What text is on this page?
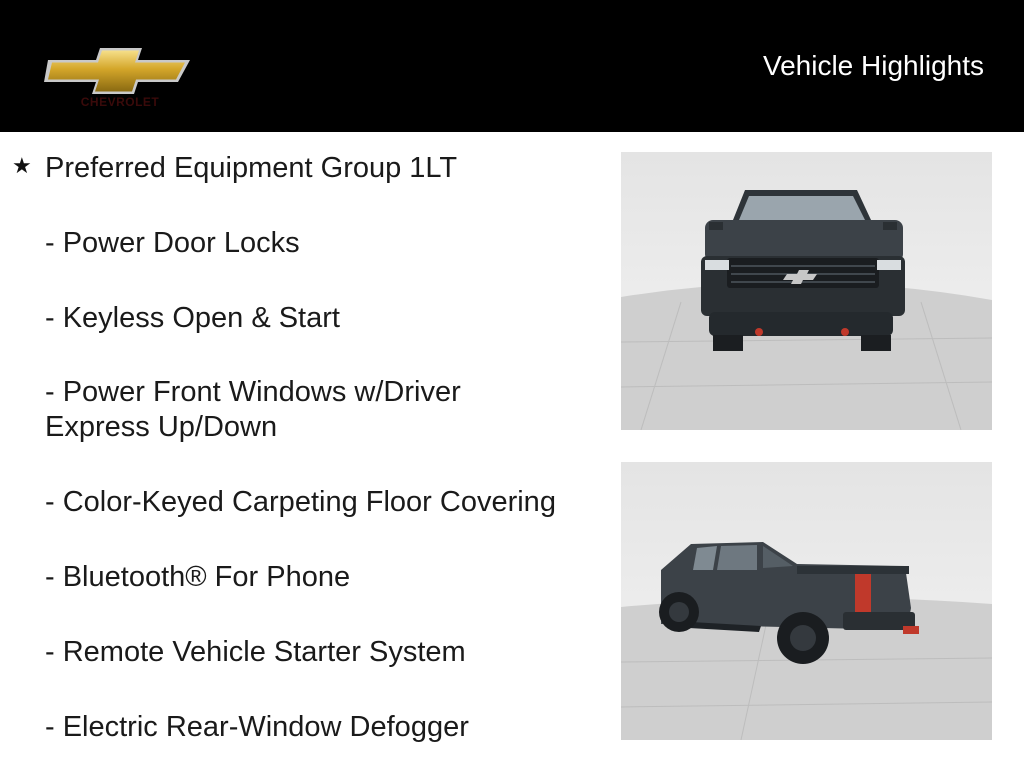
CHEVROLET
Vehicle Highlights
★ Preferred Equipment Group 1LT
- Power Door Locks
- Keyless Open & Start
- Power Front Windows w/Driver Express Up/Down
- Color-Keyed Carpeting Floor Covering
- Bluetooth® For Phone
- Remote Vehicle Starter System
- Electric Rear-Window Defogger
